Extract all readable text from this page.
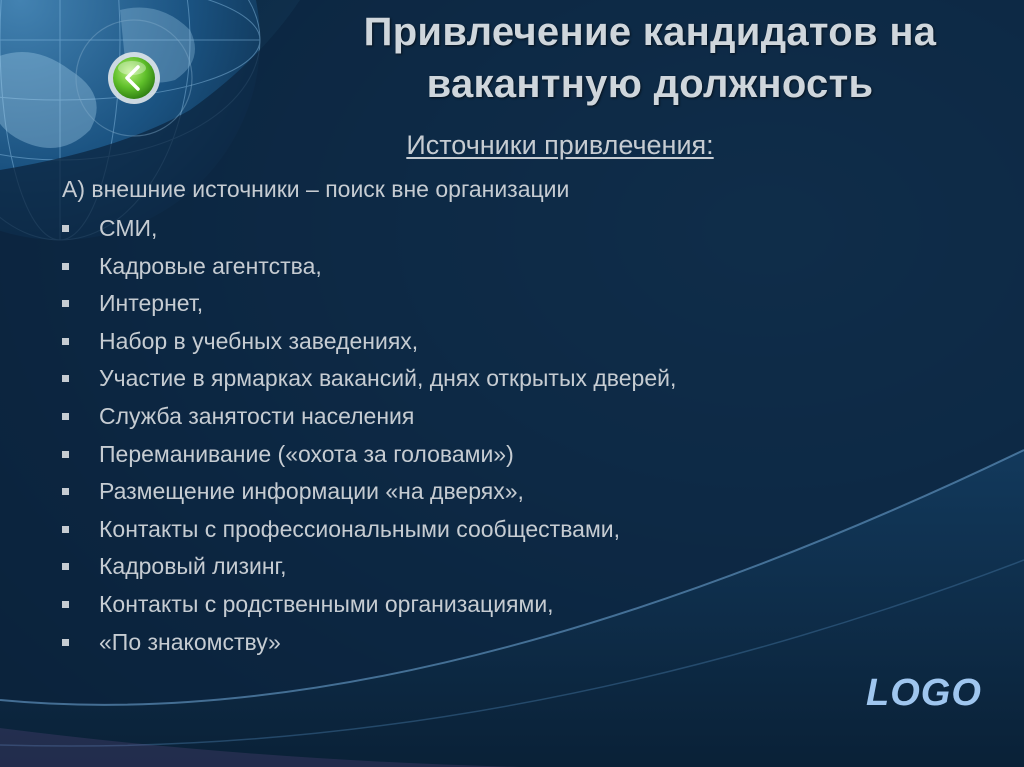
Привлечение кандидатов на вакантную должность
Источники привлечения:
А) внешние источники – поиск вне организации
СМИ,
Кадровые агентства,
Интернет,
Набор в учебных заведениях,
Участие в ярмарках вакансий, днях открытых дверей,
Служба занятости населения
Переманивание («охота за головами»)
Размещение информации «на дверях»,
Контакты с профессиональными сообществами,
Кадровый лизинг,
Контакты с родственными организациями,
«По знакомству»
LOGO
